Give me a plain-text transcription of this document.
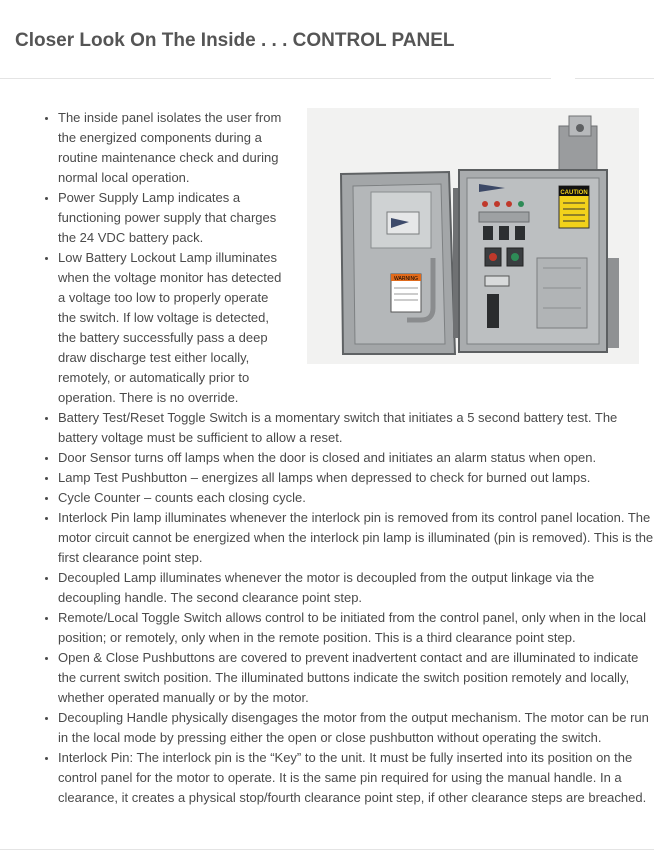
Closer Look On The Inside . . . CONTROL PANEL
WARNING
CAUTION
• The inside panel isolates the user from the energized components during a routine maintenance check and during normal local operation.
• Power Supply Lamp indicates a functioning power supply that charges the 24 VDC battery pack.
• Low Battery Lockout Lamp illuminates when the voltage monitor has detected a voltage too low to properly operate the switch. If low voltage is detected, the battery successfully pass a deep draw discharge test either locally, remotely, or automatically prior to operation. There is no override.
• Battery Test/Reset Toggle Switch is a momentary switch that initiates a 5 second battery test. The battery voltage must be sufficient to allow a reset.
• Door Sensor turns off lamps when the door is closed and initiates an alarm status when open.
• Lamp Test Pushbutton – energizes all lamps when depressed to check for burned out lamps.
• Cycle Counter – counts each closing cycle.
• Interlock Pin lamp illuminates whenever the interlock pin is removed from its control panel location. The motor circuit cannot be energized when the interlock pin lamp is illuminated (pin is removed). This is the first clearance point step.
• Decoupled Lamp illuminates whenever the motor is decoupled from the output linkage via the decoupling handle. The second clearance point step.
• Remote/Local Toggle Switch allows control to be initiated from the control panel, only when in the local position; or remotely, only when in the remote position. This is a third clearance point step.
• Open & Close Pushbuttons are covered to prevent inadvertent contact and are illuminated to indicate the current switch position. The illuminated buttons indicate the switch position remotely and locally, whether operated manually or by the motor.
• Decoupling Handle physically disengages the motor from the output mechanism. The motor can be run in the local mode by pressing either the open or close pushbutton without operating the switch.
• Interlock Pin: The interlock pin is the “Key” to the unit. It must be fully inserted into its position on the control panel for the motor to operate. It is the same pin required for using the manual handle. In a clearance, it creates a physical stop/fourth clearance point step, if other clearance steps are breached.
